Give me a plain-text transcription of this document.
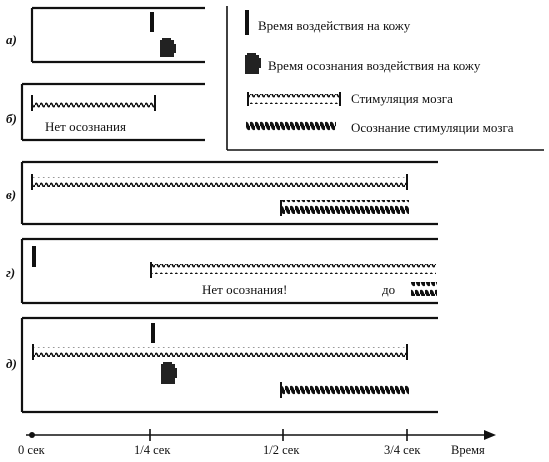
а)
б)
в)
г)
д)
Нет осознания
Нет осознания!	до
Время воздействия на кожу
Время осознания воздействия на кожу
Стимуляция мозга
Осознание стимуляции мозга
0 сек	1/4 сек	1/2 сек	3/4 сек Время
